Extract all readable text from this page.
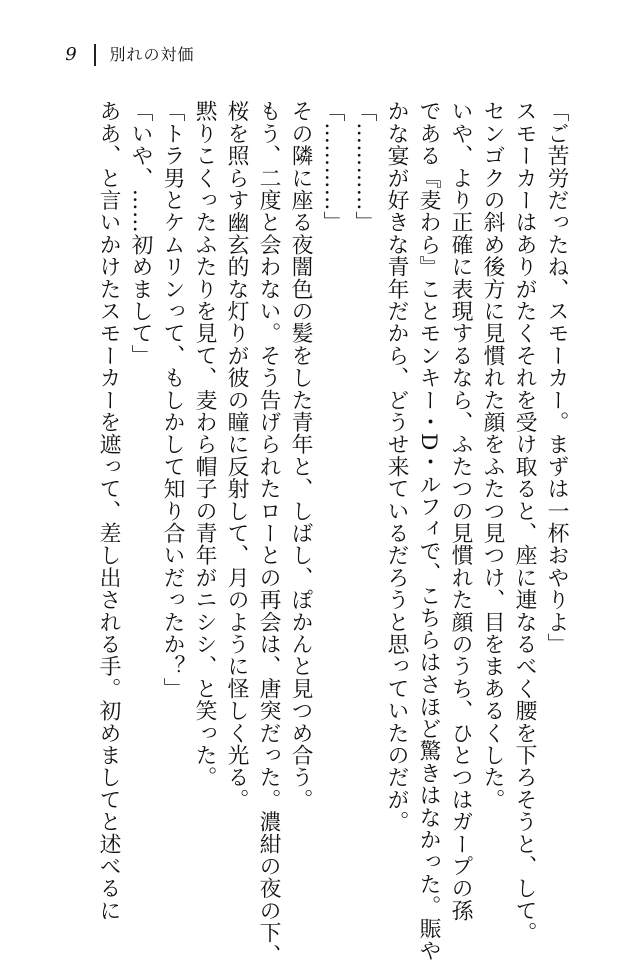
9 別れの対価

「ご苦労だったね、スモーカー。まずは一杯おやりよ」

スモーカーはありがたくそれを受け取ると、座に連なるべく腰を下ろそうと、して。

センゴクの斜め後方に見慣れた顔をふたつ見つけ、目をまあるくした。

いや、より正確に表現するなら、ふたつの見慣れた顔のうち、ひとつはガープの孫

である『麦わら』ことモンキー・D・ルフィで、こちらはさほど驚きはなかった。賑や

かな宴が好きな青年だから、どうせ来ているだろうと思っていたのだが。

「…………」

「…………」

その隣に座る夜闇色の髪をした青年と、しばし、ぽかんと見つめ合う。

もう、二度と会わない。そう告げられたローとの再会は、唐突だった。濃紺の夜の下、

桜を照らす幽玄的な灯りが彼の瞳に反射して、月のように怪しく光る。

黙りこくったふたりを見て、麦わら帽子の青年がニシシ、と笑った。

「トラ男とケムリンって、もしかして知り合いだったか？」

「いや、……初めまして」

ああ、と言いかけたスモーカーを遮って、差し出される手。初めましてと述べるに
